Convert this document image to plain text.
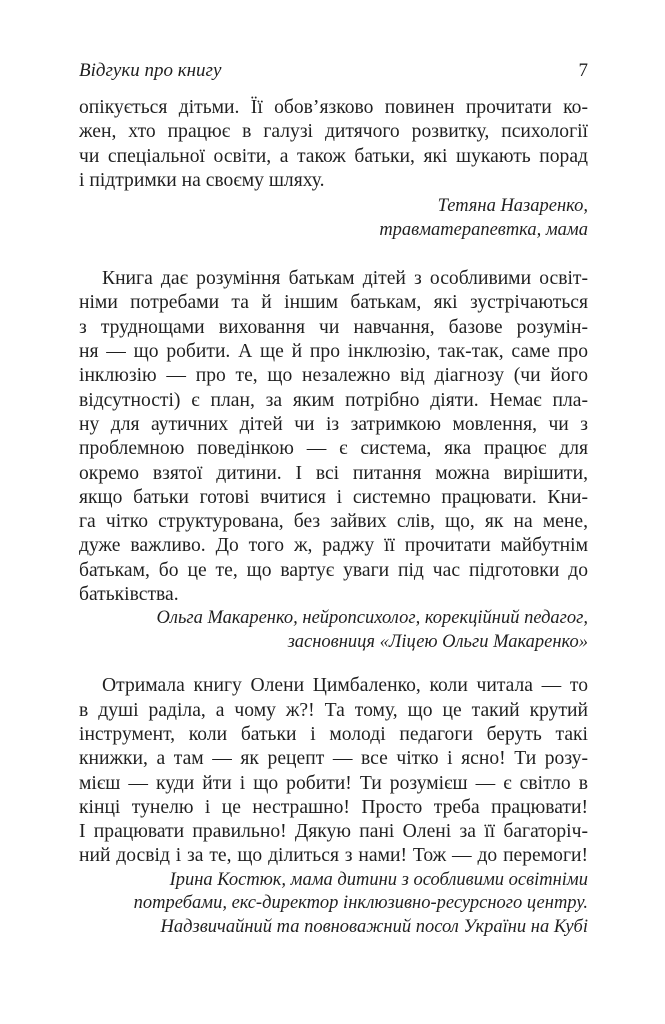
Відгуки про книгу	7
опікується дітьми. Її обов’язково повинен прочитати ко-
жен, хто працює в галузі дитячого розвитку, психології
чи спеціальної освіти, а також батьки, які шукають порад
і підтримки на своєму шляху.
Тетяна Назаренко,
травматерапевтка, мама
Книга дає розуміння батькам дітей з особливими освіт-
німи потребами та й іншим батькам, які зустрічаються
з труднощами виховання чи навчання, базове розумін-
ня — що робити. А ще й про інклюзію, так-так, саме про
інклюзію — про те, що незалежно від діагнозу (чи його
відсутності) є план, за яким потрібно діяти. Немає пла-
ну для аутичних дітей чи із затримкою мовлення, чи з
проблемною поведінкою — є система, яка працює для
окремо взятої дитини. І всі питання можна вирішити,
якщо батьки готові вчитися і системно працювати. Кни-
га чітко структурована, без зайвих слів, що, як на мене,
дуже важливо. До того ж, раджу її прочитати майбутнім
батькам, бо це те, що вартує уваги під час підготовки до
батьківства.
Ольга Макаренко, нейропсихолог, корекційний педагог,
засновниця «Ліцею Ольги Макаренко»
Отримала книгу Олени Цимбаленко, коли читала — то
в душі раділа, а чому ж?! Та тому, що це такий крутий
інструмент, коли батьки і молоді педагоги беруть такі
книжки, а там — як рецепт — все чітко і ясно! Ти розу-
мієш — куди йти і що робити! Ти розумієш — є світло в
кінці тунелю і це нестрашно! Просто треба працювати!
І працювати правильно! Дякую пані Олені за її багаторіч-
ний досвід і за те, що ділиться з нами! Тож — до перемоги!
Ірина Костюк, мама дитини з особливими освітніми
потребами, екс-директор інклюзивно-ресурсного центру.
Надзвичайний та повноважний посол України на Кубі
